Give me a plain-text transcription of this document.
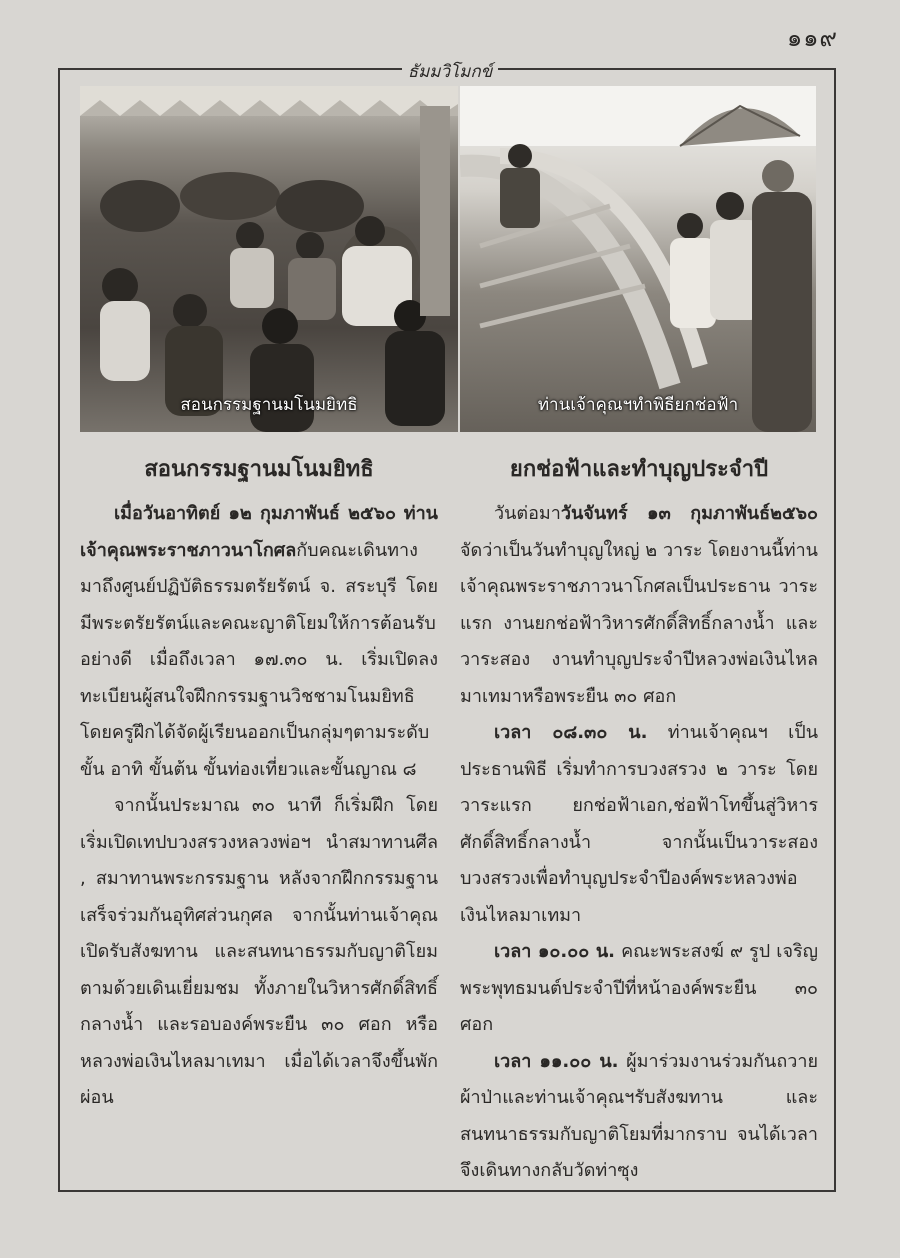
๑๑๙
ธัมมวิโมกข์
สอนกรรมฐานมโนมยิทธิ	ท่านเจ้าคุณฯทำพิธียกช่อฟ้า
สอนกรรมฐานมโนมยิทธิ

เมื่อวันอาทิตย์ ๑๒ กุมภาพันธ์ ๒๕๖๐ ท่านเจ้าคุณพระราชภาวนาโกศลกับคณะเดินทางมาถึงศูนย์ปฏิบัติธรรมตรัยรัตน์ จ. สระบุรี โดยมีพระตรัยรัตน์และคณะญาติโยมให้การต้อนรับอย่างดี เมื่อถึงเวลา ๑๗.๓๐ น. เริ่มเปิดลงทะเบียนผู้สนใจฝึกกรรมฐานวิชชามโนมยิทธิ โดยครูฝึกได้จัดผู้เรียนออกเป็นกลุ่มๆตามระดับขั้น อาทิ ขั้นต้น ขั้นท่องเที่ยวและขั้นญาณ ๘

จากนั้นประมาณ ๓๐ นาที ก็เริ่มฝึก โดยเริ่มเปิดเทปบวงสรวงหลวงพ่อฯ นำสมาทานศีล , สมาทานพระกรรมฐาน หลังจากฝึกกรรมฐานเสร็จร่วมกันอุทิศส่วนกุศล จากนั้นท่านเจ้าคุณเปิดรับสังฆทาน และสนทนาธรรมกับญาติโยม ตามด้วยเดินเยี่ยมชม ทั้งภายในวิหารศักดิ์สิทธิ์กลางน้ำ และรอบองค์พระยืน ๓๐ ศอก หรือหลวงพ่อเงินไหลมาเทมา เมื่อได้เวลาจึงขึ้นพักผ่อน

ยกช่อฟ้าและทำบุญประจำปี

วันต่อมาวันจันทร์ ๑๓ กุมภาพันธ์๒๕๖๐ จัดว่าเป็นวันทำบุญใหญ่ ๒ วาระ โดยงานนี้ท่านเจ้าคุณพระราชภาวนาโกศลเป็นประธาน วาระแรก งานยกช่อฟ้าวิหารศักดิ์สิทธิ์กลางน้ำ และวาระสอง งานทำบุญประจำปีหลวงพ่อเงินไหลมาเทมาหรือพระยืน ๓๐ ศอก

เวลา ๐๘.๓๐ น. ท่านเจ้าคุณฯ เป็นประธานพิธี เริ่มทำการบวงสรวง ๒ วาระ โดยวาระแรก ยกช่อฟ้าเอก,ช่อฟ้าโทขึ้นสู่วิหารศักดิ์สิทธิ์กลางน้ำ จากนั้นเป็นวาระสอง บวงสรวงเพื่อทำบุญประจำปีองค์พระหลวงพ่อเงินไหลมาเทมา

เวลา ๑๐.๐๐ น. คณะพระสงฆ์ ๙ รูป เจริญพระพุทธมนต์ประจำปีที่หน้าองค์พระยืน ๓๐ ศอก

เวลา ๑๑.๐๐ น. ผู้มาร่วมงานร่วมกันถวายผ้าป่าและท่านเจ้าคุณฯรับสังฆทาน และสนทนาธรรมกับญาติโยมที่มากราบ จนได้เวลาจึงเดินทางกลับวัดท่าซุง
